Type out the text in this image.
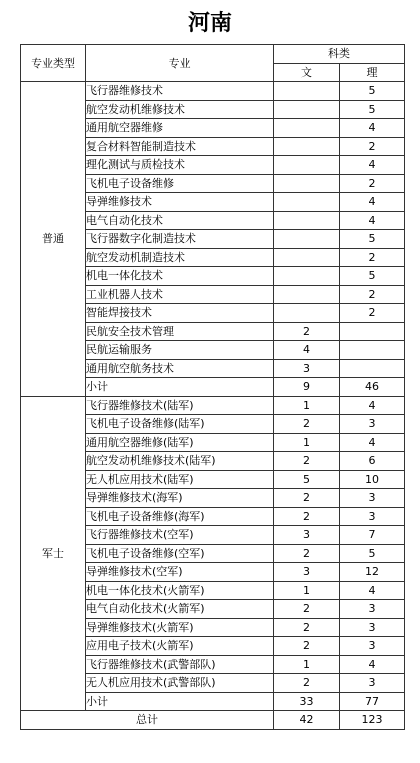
河南
专业类型	专业	科类	
		文	理
普通	飞行器维修技术		5
	航空发动机维修技术		5
	通用航空器维修		4
	复合材料智能制造技术		2
	理化测试与质检技术		4
	飞机电子设备维修		2
	导弹维修技术		4
	电气自动化技术		4
	飞行器数字化制造技术		5
	航空发动机制造技术		2
	机电一体化技术		5
	工业机器人技术		2
	智能焊接技术		2
	民航安全技术管理	2	
	民航运输服务	4	
	通用航空航务技术	3	
	小计	9	46
军士	飞行器维修技术(陆军)	1	4
	飞机电子设备维修(陆军)	2	3
	通用航空器维修(陆军)	1	4
	航空发动机维修技术(陆军)	2	6
	无人机应用技术(陆军)	5	10
	导弹维修技术(海军)	2	3
	飞机电子设备维修(海军)	2	3
	飞行器维修技术(空军)	3	7
	飞机电子设备维修(空军)	2	5
	导弹维修技术(空军)	3	12
	机电一体化技术(火箭军)	1	4
	电气自动化技术(火箭军)	2	3
	导弹维修技术(火箭军)	2	3
	应用电子技术(火箭军)	2	3
	飞行器维修技术(武警部队)	1	4
	无人机应用技术(武警部队)	2	3
	小计	33	77
总计		42	123
